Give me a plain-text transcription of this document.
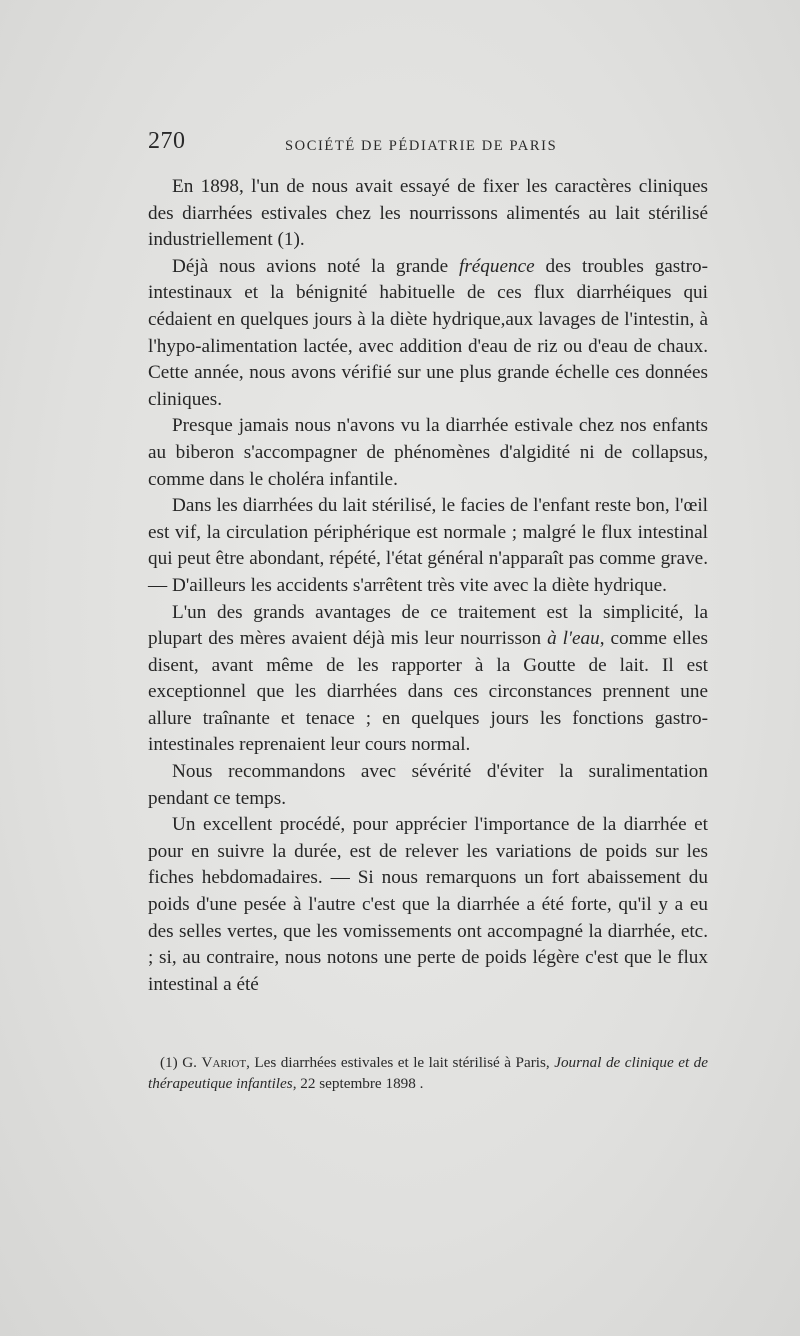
270	SOCIÉTÉ DE PÉDIATRIE DE PARIS

En 1898, l'un de nous avait essayé de fixer les caractères cliniques des diarrhées estivales chez les nourrissons alimentés au lait stérilisé industriellement (1).

Déjà nous avions noté la grande fréquence des troubles gastro-intestinaux et la bénignité habituelle de ces flux diarrhéiques qui cédaient en quelques jours à la diète hydrique,aux lavages de l'intestin, à l'hypo-alimentation lactée, avec addition d'eau de riz ou d'eau de chaux. Cette année, nous avons vérifié sur une plus grande échelle ces données cliniques.

Presque jamais nous n'avons vu la diarrhée estivale chez nos enfants au biberon s'accompagner de phénomènes d'algidité ni de collapsus, comme dans le choléra infantile.

Dans les diarrhées du lait stérilisé, le facies de l'enfant reste bon, l'œil est vif, la circulation périphérique est normale ; malgré le flux intestinal qui peut être abondant, répété, l'état général n'apparaît pas comme grave. — D'ailleurs les accidents s'arrêtent très vite avec la diète hydrique.

L'un des grands avantages de ce traitement est la simplicité, la plupart des mères avaient déjà mis leur nourrisson à l'eau, comme elles disent, avant même de les rapporter à la Goutte de lait. Il est exceptionnel que les diarrhées dans ces circonstances prennent une allure traînante et tenace ; en quelques jours les fonctions gastro-intestinales reprenaient leur cours normal.

Nous recommandons avec sévérité d'éviter la suralimentation pendant ce temps.

Un excellent procédé, pour apprécier l'importance de la diarrhée et pour en suivre la durée, est de relever les variations de poids sur les fiches hebdomadaires. — Si nous remarquons un fort abaissement du poids d'une pesée à l'autre c'est que la diarrhée a été forte, qu'il y a eu des selles vertes, que les vomissements ont accompagné la diarrhée, etc. ; si, au contraire, nous notons une perte de poids légère c'est que le flux intestinal a été

(1) G. Variot, Les diarrhées estivales et le lait stérilisé à Paris, Journal de clinique et de thérapeutique infantiles, 22 septembre 1898 .
